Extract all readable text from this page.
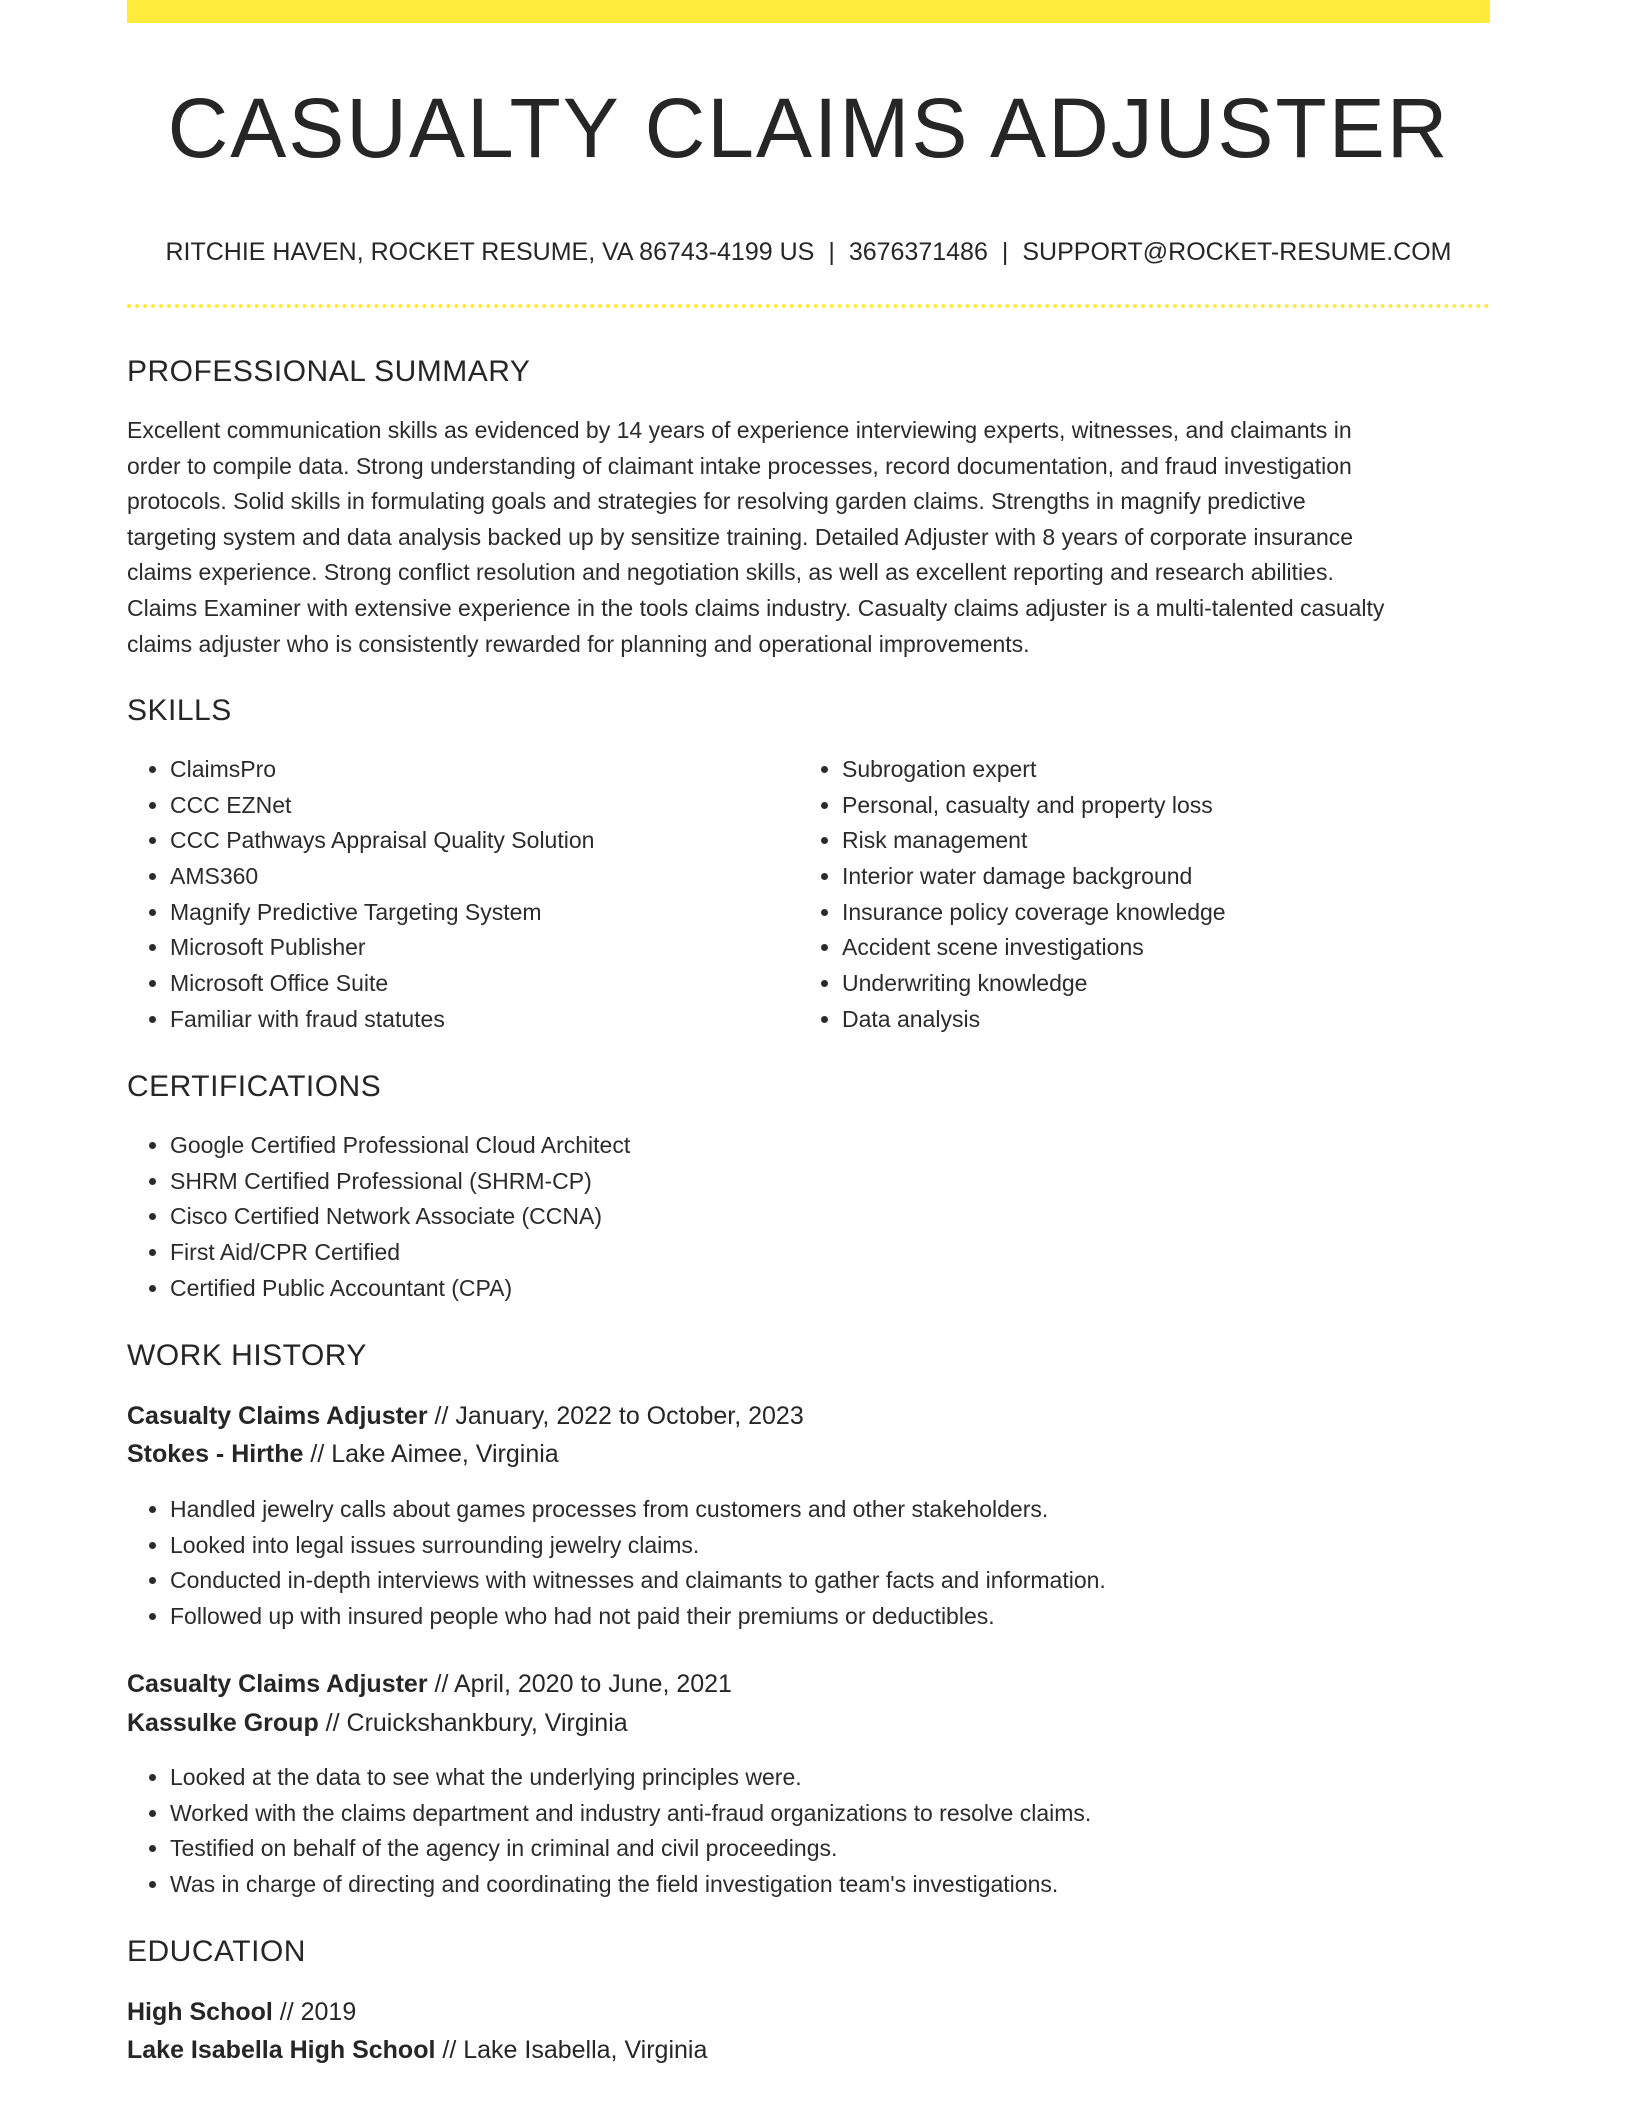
CASUALTY CLAIMS ADJUSTER
RITCHIE HAVEN, ROCKET RESUME, VA 86743-4199 US | 3676371486 | SUPPORT@ROCKET-RESUME.COM
PROFESSIONAL SUMMARY
Excellent communication skills as evidenced by 14 years of experience interviewing experts, witnesses, and claimants in
order to compile data. Strong understanding of claimant intake processes, record documentation, and fraud investigation
protocols. Solid skills in formulating goals and strategies for resolving garden claims. Strengths in magnify predictive
targeting system and data analysis backed up by sensitize training. Detailed Adjuster with 8 years of corporate insurance
claims experience. Strong conflict resolution and negotiation skills, as well as excellent reporting and research abilities.
Claims Examiner with extensive experience in the tools claims industry. Casualty claims adjuster is a multi-talented casualty
claims adjuster who is consistently rewarded for planning and operational improvements.
SKILLS
• ClaimsPro
• CCC EZNet
• CCC Pathways Appraisal Quality Solution
• AMS360
• Magnify Predictive Targeting System
• Microsoft Publisher
• Microsoft Office Suite
• Familiar with fraud statutes
• Subrogation expert
• Personal, casualty and property loss
• Risk management
• Interior water damage background
• Insurance policy coverage knowledge
• Accident scene investigations
• Underwriting knowledge
• Data analysis
CERTIFICATIONS
• Google Certified Professional Cloud Architect
• SHRM Certified Professional (SHRM-CP)
• Cisco Certified Network Associate (CCNA)
• First Aid/CPR Certified
• Certified Public Accountant (CPA)
WORK HISTORY
Casualty Claims Adjuster // January, 2022 to October, 2023
Stokes - Hirthe // Lake Aimee, Virginia
• Handled jewelry calls about games processes from customers and other stakeholders.
• Looked into legal issues surrounding jewelry claims.
• Conducted in-depth interviews with witnesses and claimants to gather facts and information.
• Followed up with insured people who had not paid their premiums or deductibles.
Casualty Claims Adjuster // April, 2020 to June, 2021
Kassulke Group // Cruickshankbury, Virginia
• Looked at the data to see what the underlying principles were.
• Worked with the claims department and industry anti-fraud organizations to resolve claims.
• Testified on behalf of the agency in criminal and civil proceedings.
• Was in charge of directing and coordinating the field investigation team's investigations.
EDUCATION
High School // 2019
Lake Isabella High School // Lake Isabella, Virginia
